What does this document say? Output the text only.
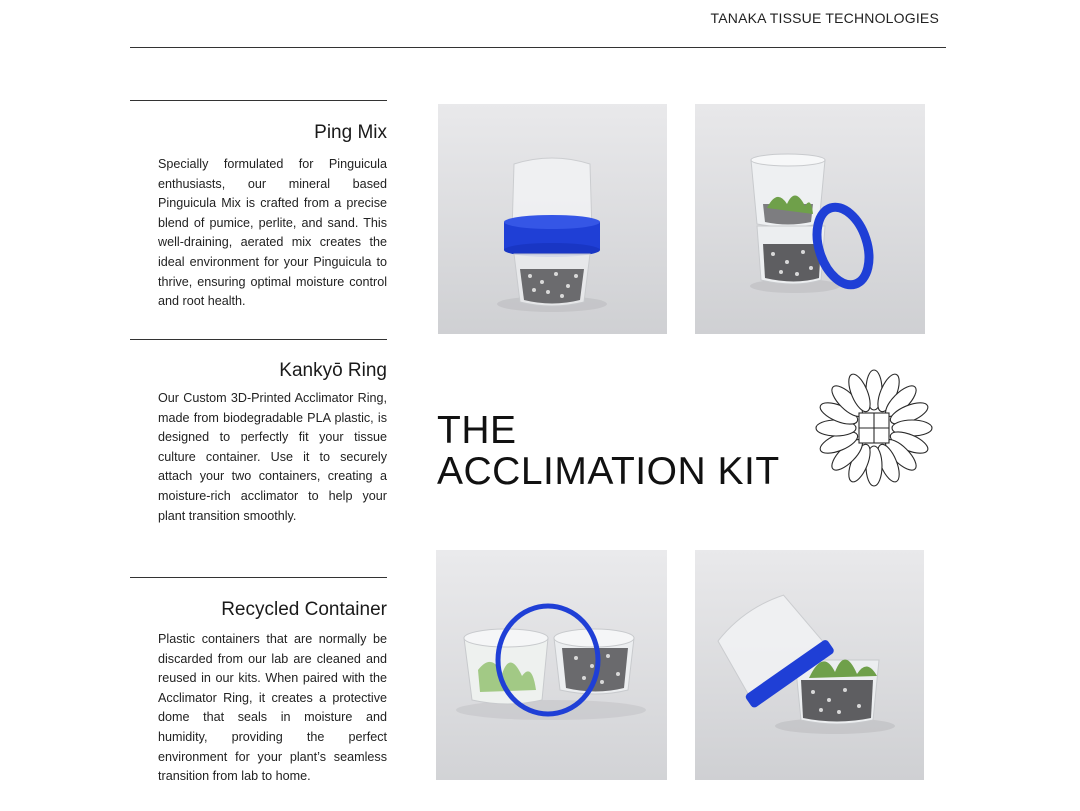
TANAKA TISSUE TECHNOLOGIES
Ping Mix

Specially formulated for Pinguicula enthusiasts, our mineral based Pinguicula Mix is crafted from a precise blend of pumice, perlite, and sand. This well-draining, aerated mix creates the ideal environment for your Pinguicula to thrive, ensuring optimal moisture control and root health.

Kankyō Ring

Our Custom 3D-Printed Acclimator Ring, made from biodegradable PLA plastic, is designed to perfectly fit your tissue culture container. Use it to securely attach your two containers, creating a moisture-rich acclimator to help your plant transition smoothly.

Recycled Container

Plastic containers that are normally be discarded from our lab are cleaned and reused in our kits. When paired with the Acclimator Ring, it creates a protective dome that seals in moisture and humidity, providing the perfect environment for your plant’s seamless transition from lab to home.

THE
ACCLIMATION KIT
